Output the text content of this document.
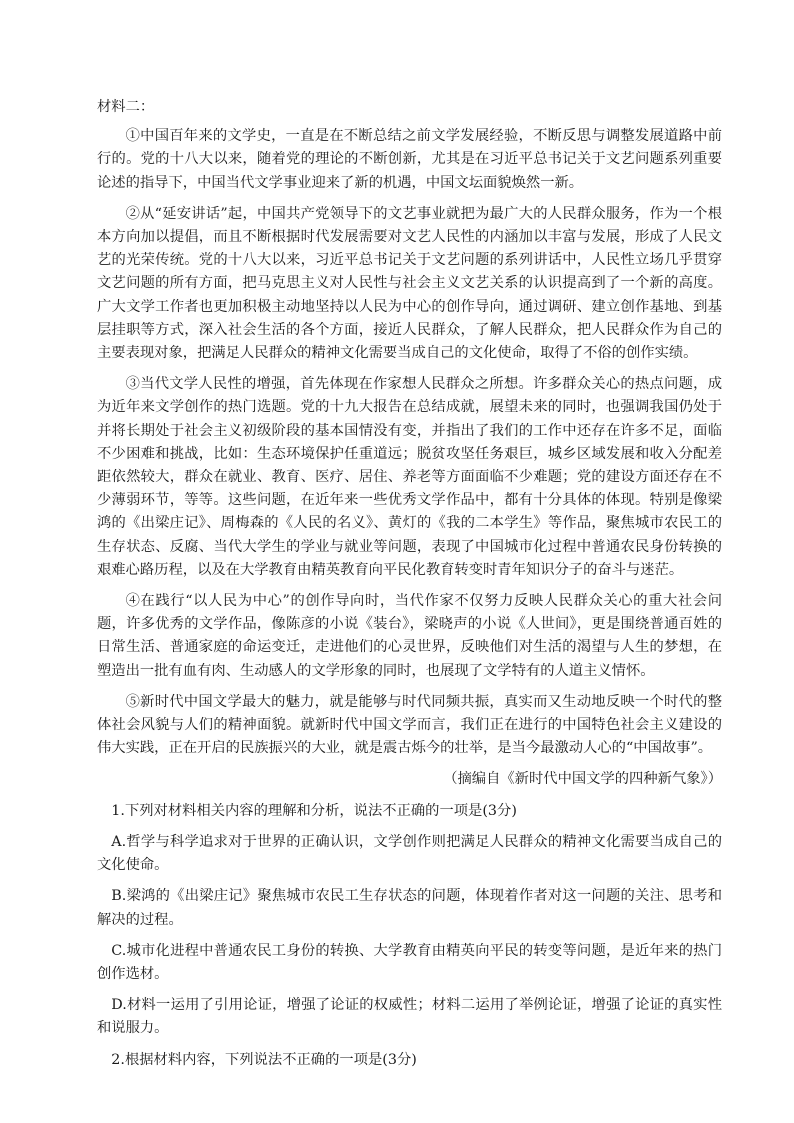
材料二：

①中国百年来的文学史，一直是在不断总结之前文学发展经验，不断反思与调整发展道路中前行的。党的十八大以来，随着党的理论的不断创新，尤其是在习近平总书记关于文艺问题系列重要论述的指导下，中国当代文学事业迎来了新的机遇，中国文坛面貌焕然一新。

②从“延安讲话”起，中国共产党领导下的文艺事业就把为最广大的人民群众服务，作为一个根本方向加以提倡，而且不断根据时代发展需要对文艺人民性的内涵加以丰富与发展，形成了人民文艺的光荣传统。党的十八大以来，习近平总书记关于文艺问题的系列讲话中，人民性立场几乎贯穿文艺问题的所有方面，把马克思主义对人民性与社会主义文艺关系的认识提高到了一个新的高度。广大文学工作者也更加积极主动地坚持以人民为中心的创作导向，通过调研、建立创作基地、到基层挂职等方式，深入社会生活的各个方面，接近人民群众，了解人民群众，把人民群众作为自己的主要表现对象，把满足人民群众的精神文化需要当成自己的文化使命，取得了不俗的创作实绩。

③当代文学人民性的增强，首先体现在作家想人民群众之所想。许多群众关心的热点问题，成为近年来文学创作的热门选题。党的十九大报告在总结成就，展望未来的同时，也强调我国仍处于并将长期处于社会主义初级阶段的基本国情没有变，并指出了我们的工作中还存在许多不足，面临不少困难和挑战，比如：生态环境保护任重道远；脱贫攻坚任务艰巨，城乡区域发展和收入分配差距依然较大，群众在就业、教育、医疗、居住、养老等方面面临不少难题；党的建设方面还存在不少薄弱环节，等等。这些问题，在近年来一些优秀文学作品中，都有十分具体的体现。特别是像梁鸿的《出梁庄记》、周梅森的《人民的名义》、黄灯的《我的二本学生》等作品，聚焦城市农民工的生存状态、反腐、当代大学生的学业与就业等问题，表现了中国城市化过程中普通农民身份转换的艰难心路历程，以及在大学教育由精英教育向平民化教育转变时青年知识分子的奋斗与迷茫。

④在践行“以人民为中心”的创作导向时，当代作家不仅努力反映人民群众关心的重大社会问题，许多优秀的文学作品，像陈彦的小说《装台》，梁晓声的小说《人世间》，更是围绕普通百姓的日常生活、普通家庭的命运变迁，走进他们的心灵世界，反映他们对生活的渴望与人生的梦想，在塑造出一批有血有肉、生动感人的文学形象的同时，也展现了文学特有的人道主义情怀。

⑤新时代中国文学最大的魅力，就是能够与时代同频共振，真实而又生动地反映一个时代的整体社会风貌与人们的精神面貌。就新时代中国文学而言，我们正在进行的中国特色社会主义建设的伟大实践，正在开启的民族振兴的大业，就是震古烁今的壮举，是当今最激动人心的“中国故事”。

（摘编自《新时代中国文学的四种新气象》）

1.下列对材料相关内容的理解和分析，说法不正确的一项是(3分)

A.哲学与科学追求对于世界的正确认识，文学创作则把满足人民群众的精神文化需要当成自己的文化使命。

B.梁鸿的《出梁庄记》聚焦城市农民工生存状态的问题，体现着作者对这一问题的关注、思考和解决的过程。

C.城市化进程中普通农民工身份的转换、大学教育由精英向平民的转变等问题，是近年来的热门创作选材。

D.材料一运用了引用论证，增强了论证的权威性；材料二运用了举例论证，增强了论证的真实性和说服力。

2.根据材料内容，下列说法不正确的一项是(3分)
